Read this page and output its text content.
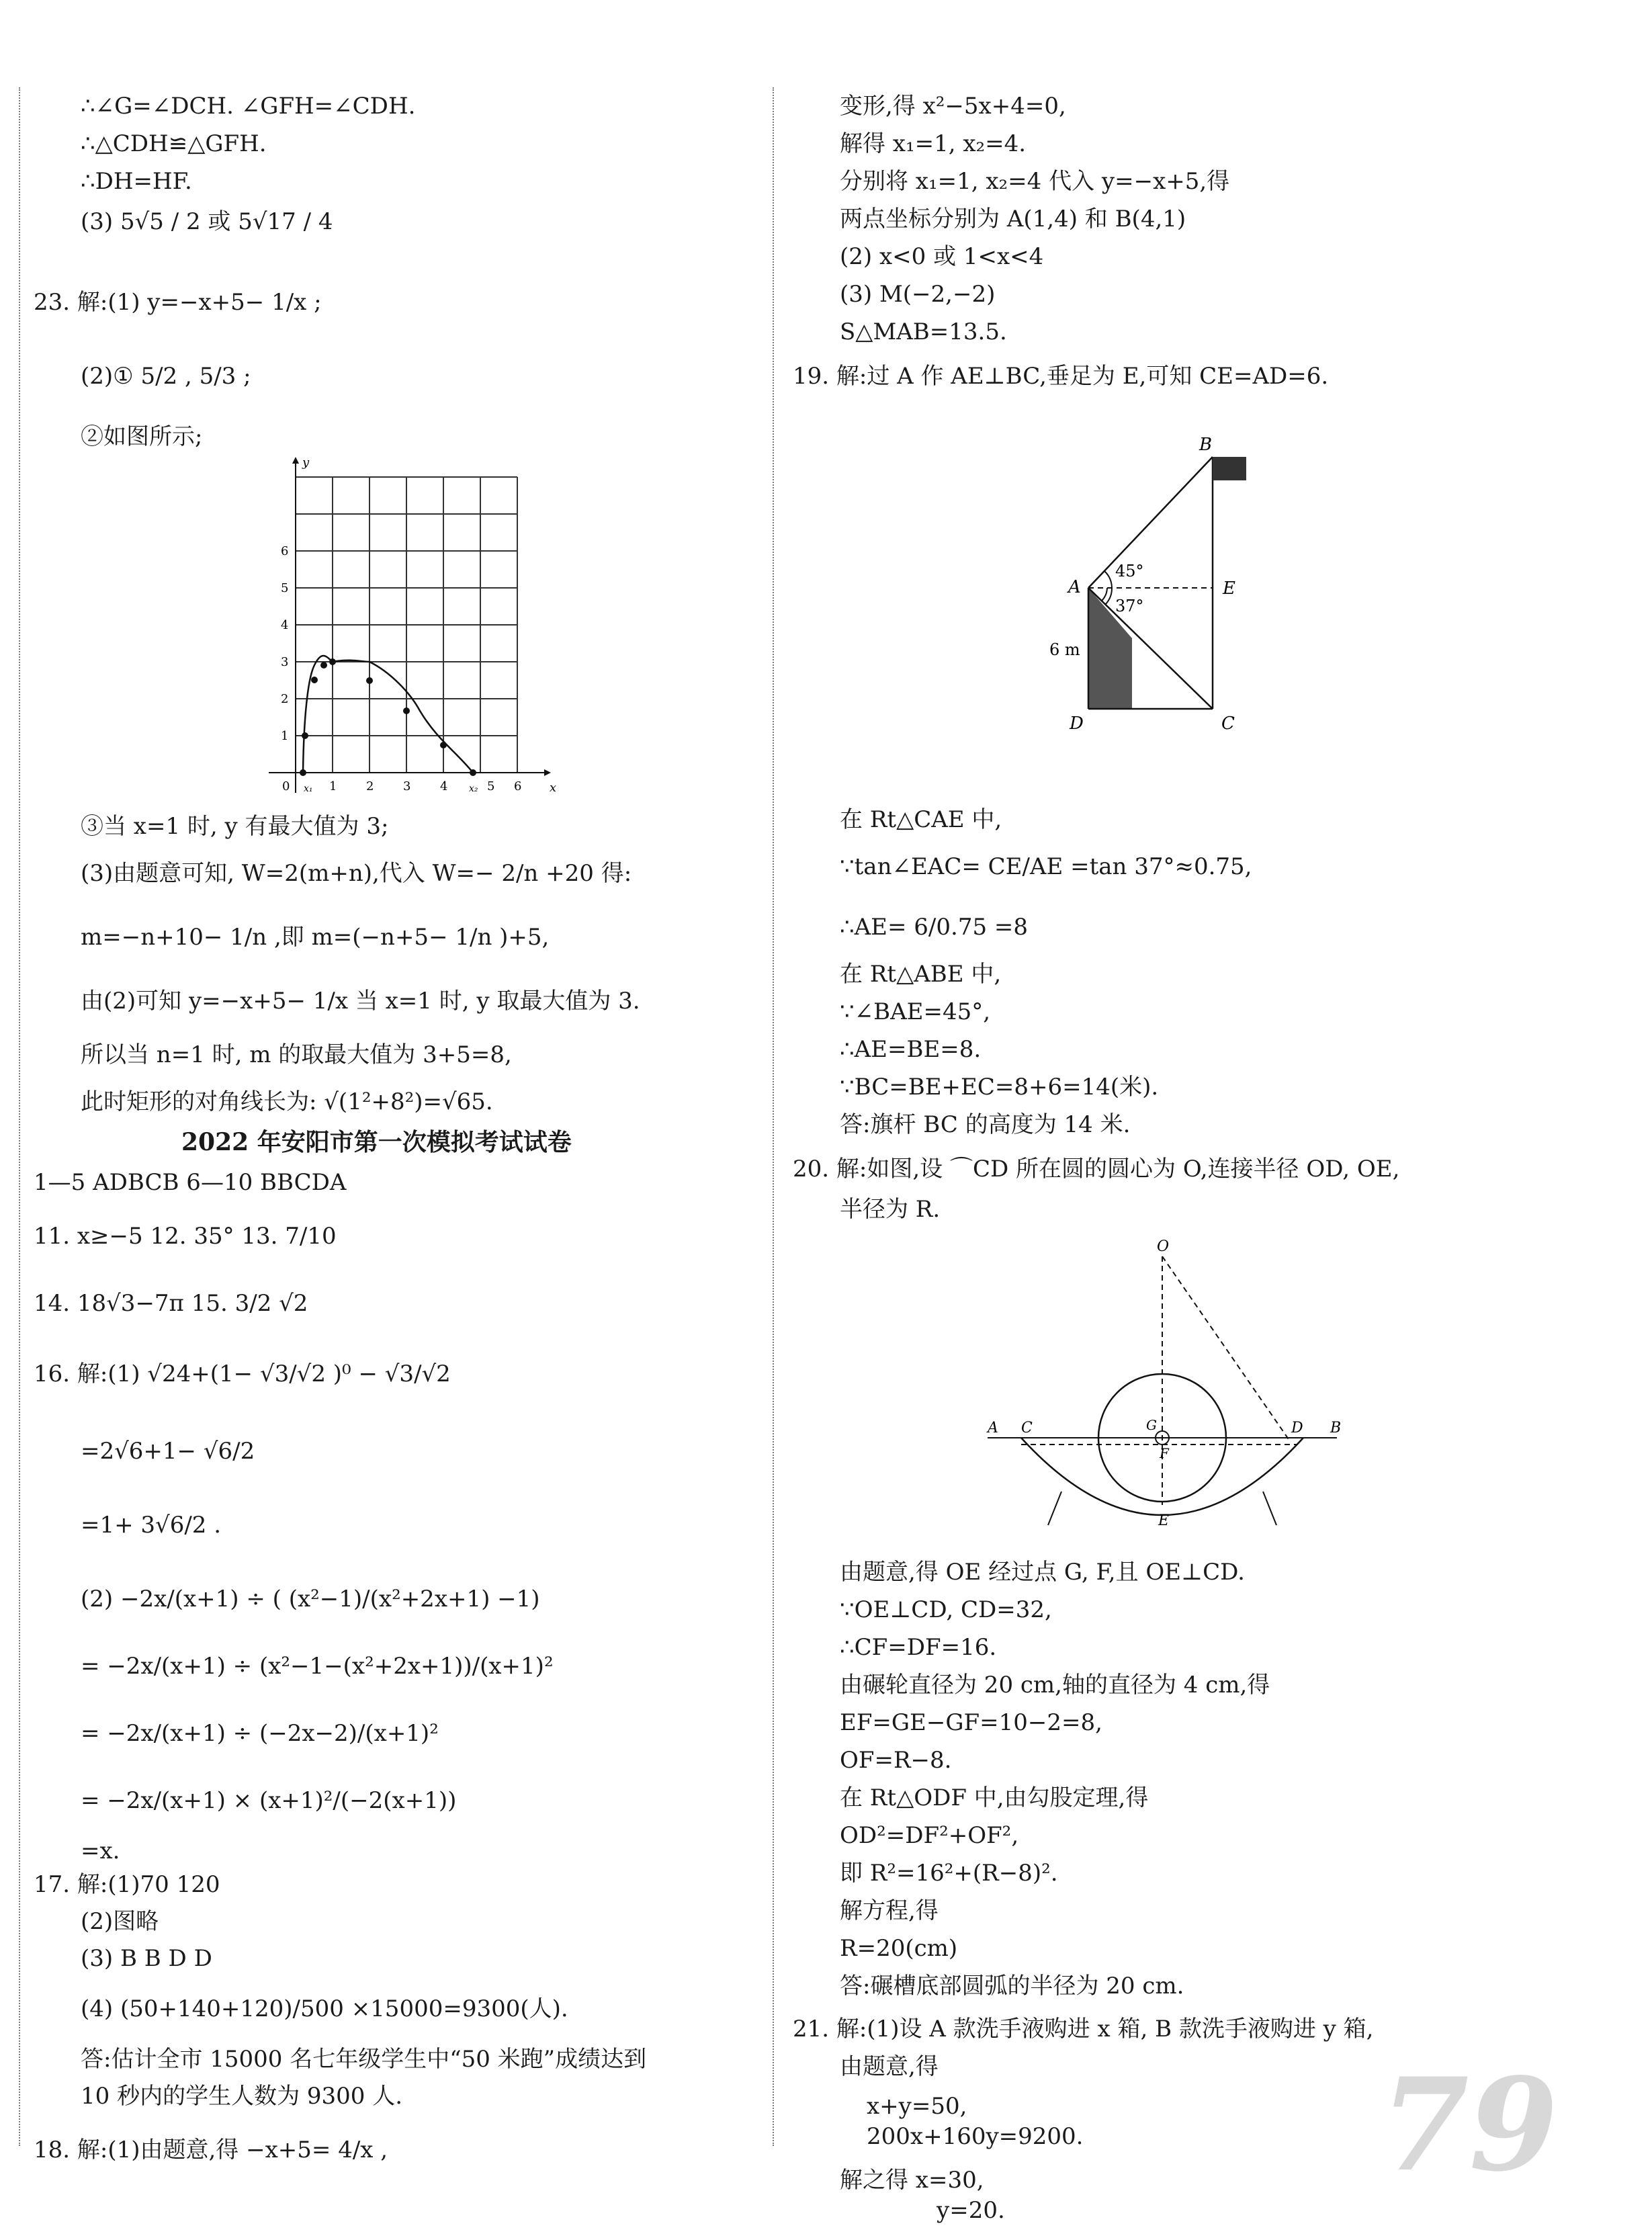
∴∠G=∠DCH. ∠GFH=∠CDH.
∴△CDH≌△GFH.
∴DH=HF.
(3) 5√5 / 2 或 5√17 / 4
23. 解:(1) y=−x+5− 1/x ;
(2)① 5/2 , 5/3 ;
②如图所示;
x
y
0	1 2 3 4	5 6
x₁	x₂
1
2
3
4
5
6
③当 x=1 时, y 有最大值为 3;
(3)由题意可知, W=2(m+n),代入 W=− 2/n +20 得:
m=−n+10− 1/n ,即 m=(−n+5− 1/n )+5,
由(2)可知 y=−x+5− 1/x 当 x=1 时, y 取最大值为 3.
所以当 n=1 时, m 的取最大值为 3+5=8,
此时矩形的对角线长为: √(1²+8²)=√65.
2022 年安阳市第一次模拟考试试卷
1—5 ADBCB 6—10 BBCDA
11. x≥−5 12. 35° 13. 7/10
14. 18√3−7π 15. 3/2 √2
16. 解:(1) √24+(1− √3/√2 )⁰ − √3/√2
=2√6+1− √6/2
=1+ 3√6/2 .
(2) −2x/(x+1) ÷ ( (x²−1)/(x²+2x+1) −1)
= −2x/(x+1) ÷ (x²−1−(x²+2x+1))/(x+1)²
= −2x/(x+1) ÷ (−2x−2)/(x+1)²
= −2x/(x+1) × (x+1)²/(−2(x+1))
=x.
17. 解:(1)70 120
(2)图略
(3) B B D D
(4) (50+140+120)/500 ×15000=9300(人).
答:估计全市 15000 名七年级学生中“50 米跑”成绩达到
10 秒内的学生人数为 9300 人.
18. 解:(1)由题意,得 −x+5= 4/x ,
变形,得 x²−5x+4=0,
解得 x₁=1, x₂=4.
分别将 x₁=1, x₂=4 代入 y=−x+5,得
两点坐标分别为 A(1,4) 和 B(4,1)
(2) x<0 或 1<x<4
(3) M(−2,−2)
S△MAB=13.5.
19. 解:过 A 作 AE⊥BC,垂足为 E,可知 CE=AD=6.
B
A	E
D	C
45°
37°
6 m
在 Rt△CAE 中,
∵tan∠EAC= CE/AE =tan 37°≈0.75,
∴AE= 6/0.75 =8
在 Rt△ABE 中,
∵∠BAE=45°,
∴AE=BE=8.
∵BC=BE+EC=8+6=14(米).
答:旗杆 BC 的高度为 14 米.
20. 解:如图,设 ⌒CD 所在圆的圆心为 O,连接半径 OD, OE,
半径为 R.
O
A C	G
F
D B
E
由题意,得 OE 经过点 G, F,且 OE⊥CD.
∵OE⊥CD, CD=32,
∴CF=DF=16.
由碾轮直径为 20 cm,轴的直径为 4 cm,得
EF=GE−GF=10−2=8,
OF=R−8.
在 Rt△ODF 中,由勾股定理,得
OD²=DF²+OF²,
即 R²=16²+(R−8)².
解方程,得
R=20(cm)
答:碾槽底部圆弧的半径为 20 cm.
21. 解:(1)设 A 款洗手液购进 x 箱, B 款洗手液购进 y 箱,
由题意,得
x+y=50,
200x+160y=9200.
解之得 x=30,
y=20.
79
